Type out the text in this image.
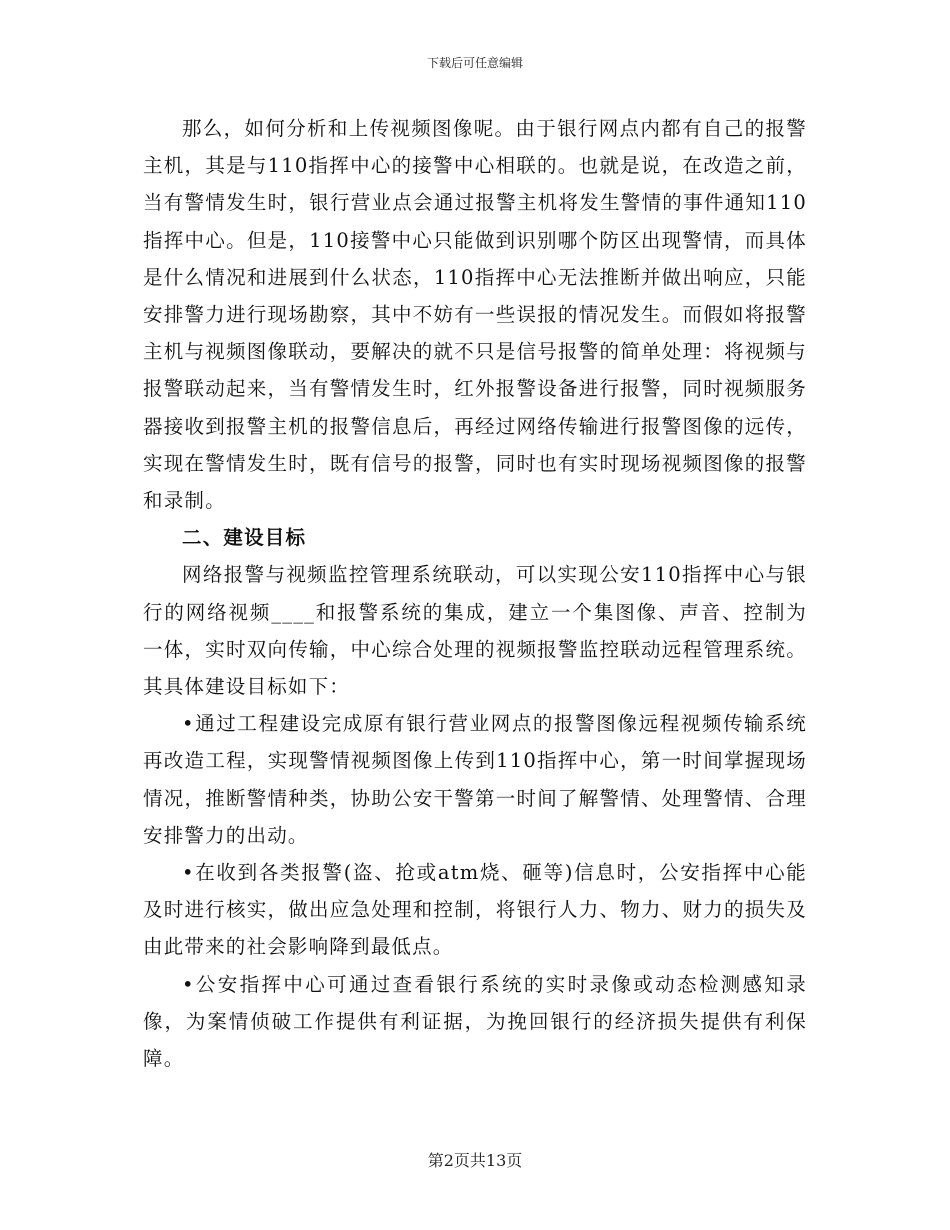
下载后可任意编辑

那么，如何分析和上传视频图像呢。由于银行网点内都有自己的报警主机，其是与110指挥中心的接警中心相联的。也就是说，在改造之前，当有警情发生时，银行营业点会通过报警主机将发生警情的事件通知110指挥中心。但是，110接警中心只能做到识别哪个防区出现警情，而具体是什么情况和进展到什么状态，110指挥中心无法推断并做出响应，只能安排警力进行现场勘察，其中不妨有一些误报的情况发生。而假如将报警主机与视频图像联动，要解决的就不只是信号报警的简单处理：将视频与报警联动起来，当有警情发生时，红外报警设备进行报警，同时视频服务器接收到报警主机的报警信息后，再经过网络传输进行报警图像的远传，实现在警情发生时，既有信号的报警，同时也有实时现场视频图像的报警和录制。

二、建设目标

网络报警与视频监控管理系统联动，可以实现公安110指挥中心与银行的网络视频____和报警系统的集成，建立一个集图像、声音、控制为一体，实时双向传输，中心综合处理的视频报警监控联动远程管理系统。其具体建设目标如下：

•通过工程建设完成原有银行营业网点的报警图像远程视频传输系统再改造工程，实现警情视频图像上传到110指挥中心，第一时间掌握现场情况，推断警情种类，协助公安干警第一时间了解警情、处理警情、合理安排警力的出动。

•在收到各类报警(盗、抢或atm烧、砸等)信息时，公安指挥中心能及时进行核实，做出应急处理和控制，将银行人力、物力、财力的损失及由此带来的社会影响降到最低点。

•公安指挥中心可通过查看银行系统的实时录像或动态检测感知录像，为案情侦破工作提供有利证据，为挽回银行的经济损失提供有利保障。

第2页共13页
